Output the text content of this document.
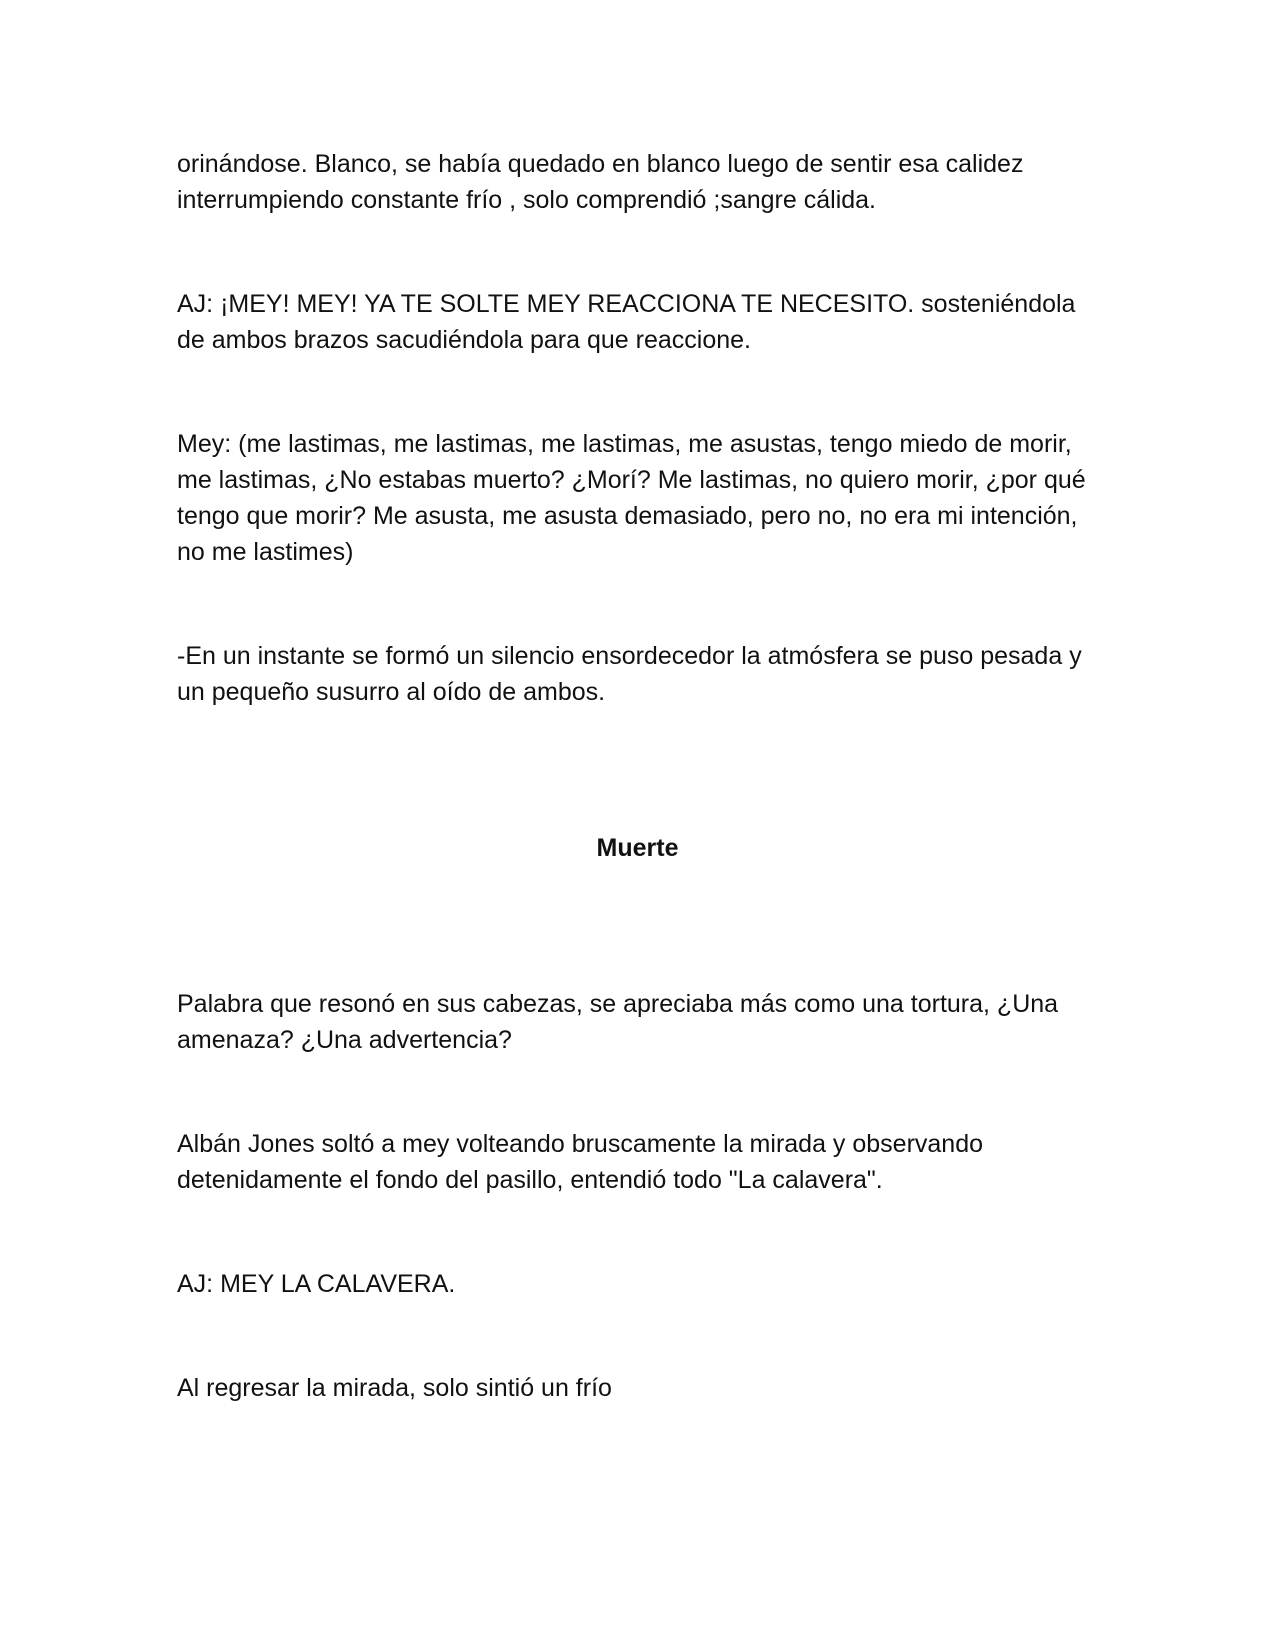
orinándose. Blanco, se había quedado en blanco luego de sentir esa calidez interrumpiendo constante frío , solo comprendió ;sangre cálida.

AJ: ¡MEY! MEY! YA TE SOLTE MEY REACCIONA TE NECESITO. sosteniéndola de ambos brazos sacudiéndola para que reaccione.

Mey: (me lastimas, me lastimas, me lastimas, me asustas, tengo miedo de morir, me lastimas, ¿No estabas muerto? ¿Morí? Me lastimas, no quiero morir, ¿por qué tengo que morir? Me asusta, me asusta demasiado, pero no, no era mi intención, no me lastimes)

-En un instante se formó un silencio ensordecedor la atmósfera se puso pesada y un pequeño susurro al oído de ambos.

Muerte

Palabra que resonó en sus cabezas, se apreciaba más como una tortura, ¿Una amenaza? ¿Una advertencia?

Albán Jones soltó a mey volteando bruscamente la mirada y observando detenidamente el fondo del pasillo, entendió todo "La calavera".

AJ: MEY LA CALAVERA.

Al regresar la mirada, solo sintió un frío
